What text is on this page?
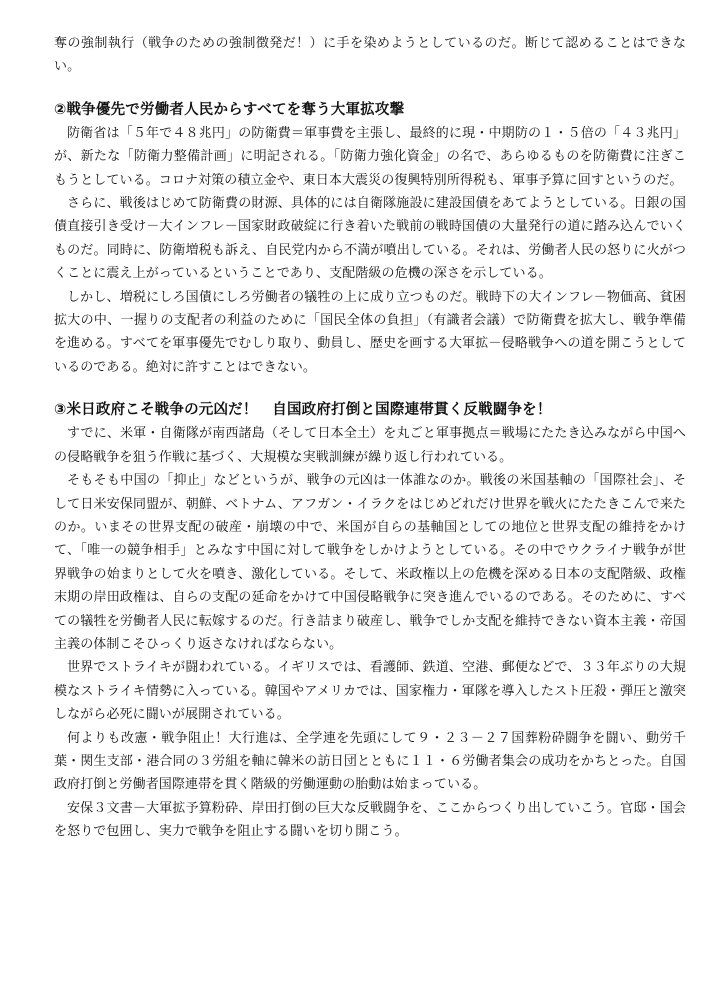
奪の強制執行（戦争のための強制徴発だ！）に手を染めようとしているのだ。断じて認めることはできない。

②戦争優先で労働者人民からすべてを奪う大軍拡攻撃

防衛省は「５年で４８兆円」の防衛費＝軍事費を主張し、最終的に現・中期防の１・５倍の「４３兆円」が、新たな「防衛力整備計画」に明記される。「防衛力強化資金」の名で、あらゆるものを防衛費に注ぎこもうとしている。コロナ対策の積立金や、東日本大震災の復興特別所得税も、軍事予算に回すというのだ。

さらに、戦後はじめて防衛費の財源、具体的には自衛隊施設に建設国債をあてようとしている。日銀の国債直接引き受け－大インフレ－国家財政破綻に行き着いた戦前の戦時国債の大量発行の道に踏み込んでいくものだ。同時に、防衛増税も訴え、自民党内から不満が噴出している。それは、労働者人民の怒りに火がつくことに震え上がっているということであり、支配階級の危機の深さを示している。

しかし、増税にしろ国債にしろ労働者の犠牲の上に成り立つものだ。戦時下の大インフレ－物価高、貧困拡大の中、一握りの支配者の利益のために「国民全体の負担」（有識者会議）で防衛費を拡大し、戦争準備を進める。すべてを軍事優先でむしり取り、動員し、歴史を画する大軍拡－侵略戦争への道を開こうとしているのである。絶対に許すことはできない。

③米日政府こそ戦争の元凶だ！　自国政府打倒と国際連帯貫く反戦闘争を！

すでに、米軍・自衛隊が南西諸島（そして日本全土）を丸ごと軍事拠点＝戦場にたたき込みながら中国への侵略戦争を狙う作戦に基づく、大規模な実戦訓練が繰り返し行われている。

そもそも中国の「抑止」などというが、戦争の元凶は一体誰なのか。戦後の米国基軸の「国際社会」、そして日米安保同盟が、朝鮮、ベトナム、アフガン・イラクをはじめどれだけ世界を戦火にたたきこんで来たのか。いまその世界支配の破産・崩壊の中で、米国が自らの基軸国としての地位と世界支配の維持をかけて、「唯一の競争相手」とみなす中国に対して戦争をしかけようとしている。その中でウクライナ戦争が世界戦争の始まりとして火を噴き、激化している。そして、米政権以上の危機を深める日本の支配階級、政権末期の岸田政権は、自らの支配の延命をかけて中国侵略戦争に突き進んでいるのである。そのために、すべての犠牲を労働者人民に転嫁するのだ。行き詰まり破産し、戦争でしか支配を維持できない資本主義・帝国主義の体制こそひっくり返さなければならない。

世界でストライキが闘われている。イギリスでは、看護師、鉄道、空港、郵便などで、３３年ぶりの大規模なストライキ情勢に入っている。韓国やアメリカでは、国家権力・軍隊を導入したスト圧殺・弾圧と激突しながら必死に闘いが展開されている。

何よりも改憲・戦争阻止！大行進は、全学連を先頭にして９・２３－２７国葬粉砕闘争を闘い、動労千葉・関生支部・港合同の３労組を軸に韓米の訪日団とともに１１・６労働者集会の成功をかちとった。自国政府打倒と労働者国際連帯を貫く階級的労働運動の胎動は始まっている。

安保３文書－大軍拡予算粉砕、岸田打倒の巨大な反戦闘争を、ここからつくり出していこう。官邸・国会を怒りで包囲し、実力で戦争を阻止する闘いを切り開こう。
